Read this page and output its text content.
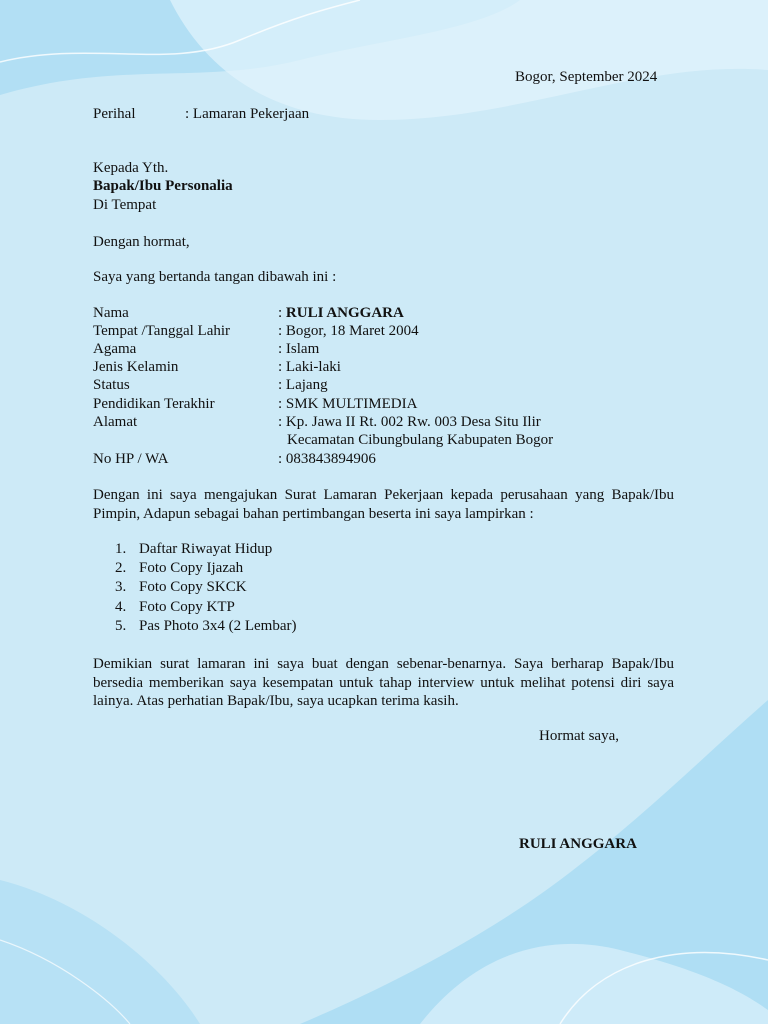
Bogor, September 2024
Perihal	: Lamaran Pekerjaan
Kepada Yth.
Bapak/Ibu Personalia
Di Tempat
Dengan hormat,
Saya yang bertanda tangan dibawah ini :
Nama	: RULI ANGGARA
Tempat /Tanggal Lahir	: Bogor, 18 Maret 2004
Agama	: Islam
Jenis Kelamin	: Laki-laki
Status	: Lajang
Pendidikan Terakhir	: SMK MULTIMEDIA
Alamat	: Kp. Jawa II Rt. 002 Rw. 003 Desa Situ Ilir
Kecamatan Cibungbulang Kabupaten Bogor
No HP / WA	: 083843894906
Dengan ini saya mengajukan Surat Lamaran Pekerjaan kepada perusahaan yang Bapak/Ibu Pimpin, Adapun sebagai bahan pertimbangan beserta ini saya lampirkan :
1. Daftar Riwayat Hidup
2. Foto Copy Ijazah
3. Foto Copy SKCK
4. Foto Copy KTP
5. Pas Photo 3x4 (2 Lembar)
Demikian surat lamaran ini saya buat dengan sebenar-benarnya. Saya berharap Bapak/Ibu bersedia memberikan saya kesempatan untuk tahap interview untuk melihat potensi diri saya lainya. Atas perhatian Bapak/Ibu, saya ucapkan terima kasih.
Hormat saya,
RULI ANGGARA
